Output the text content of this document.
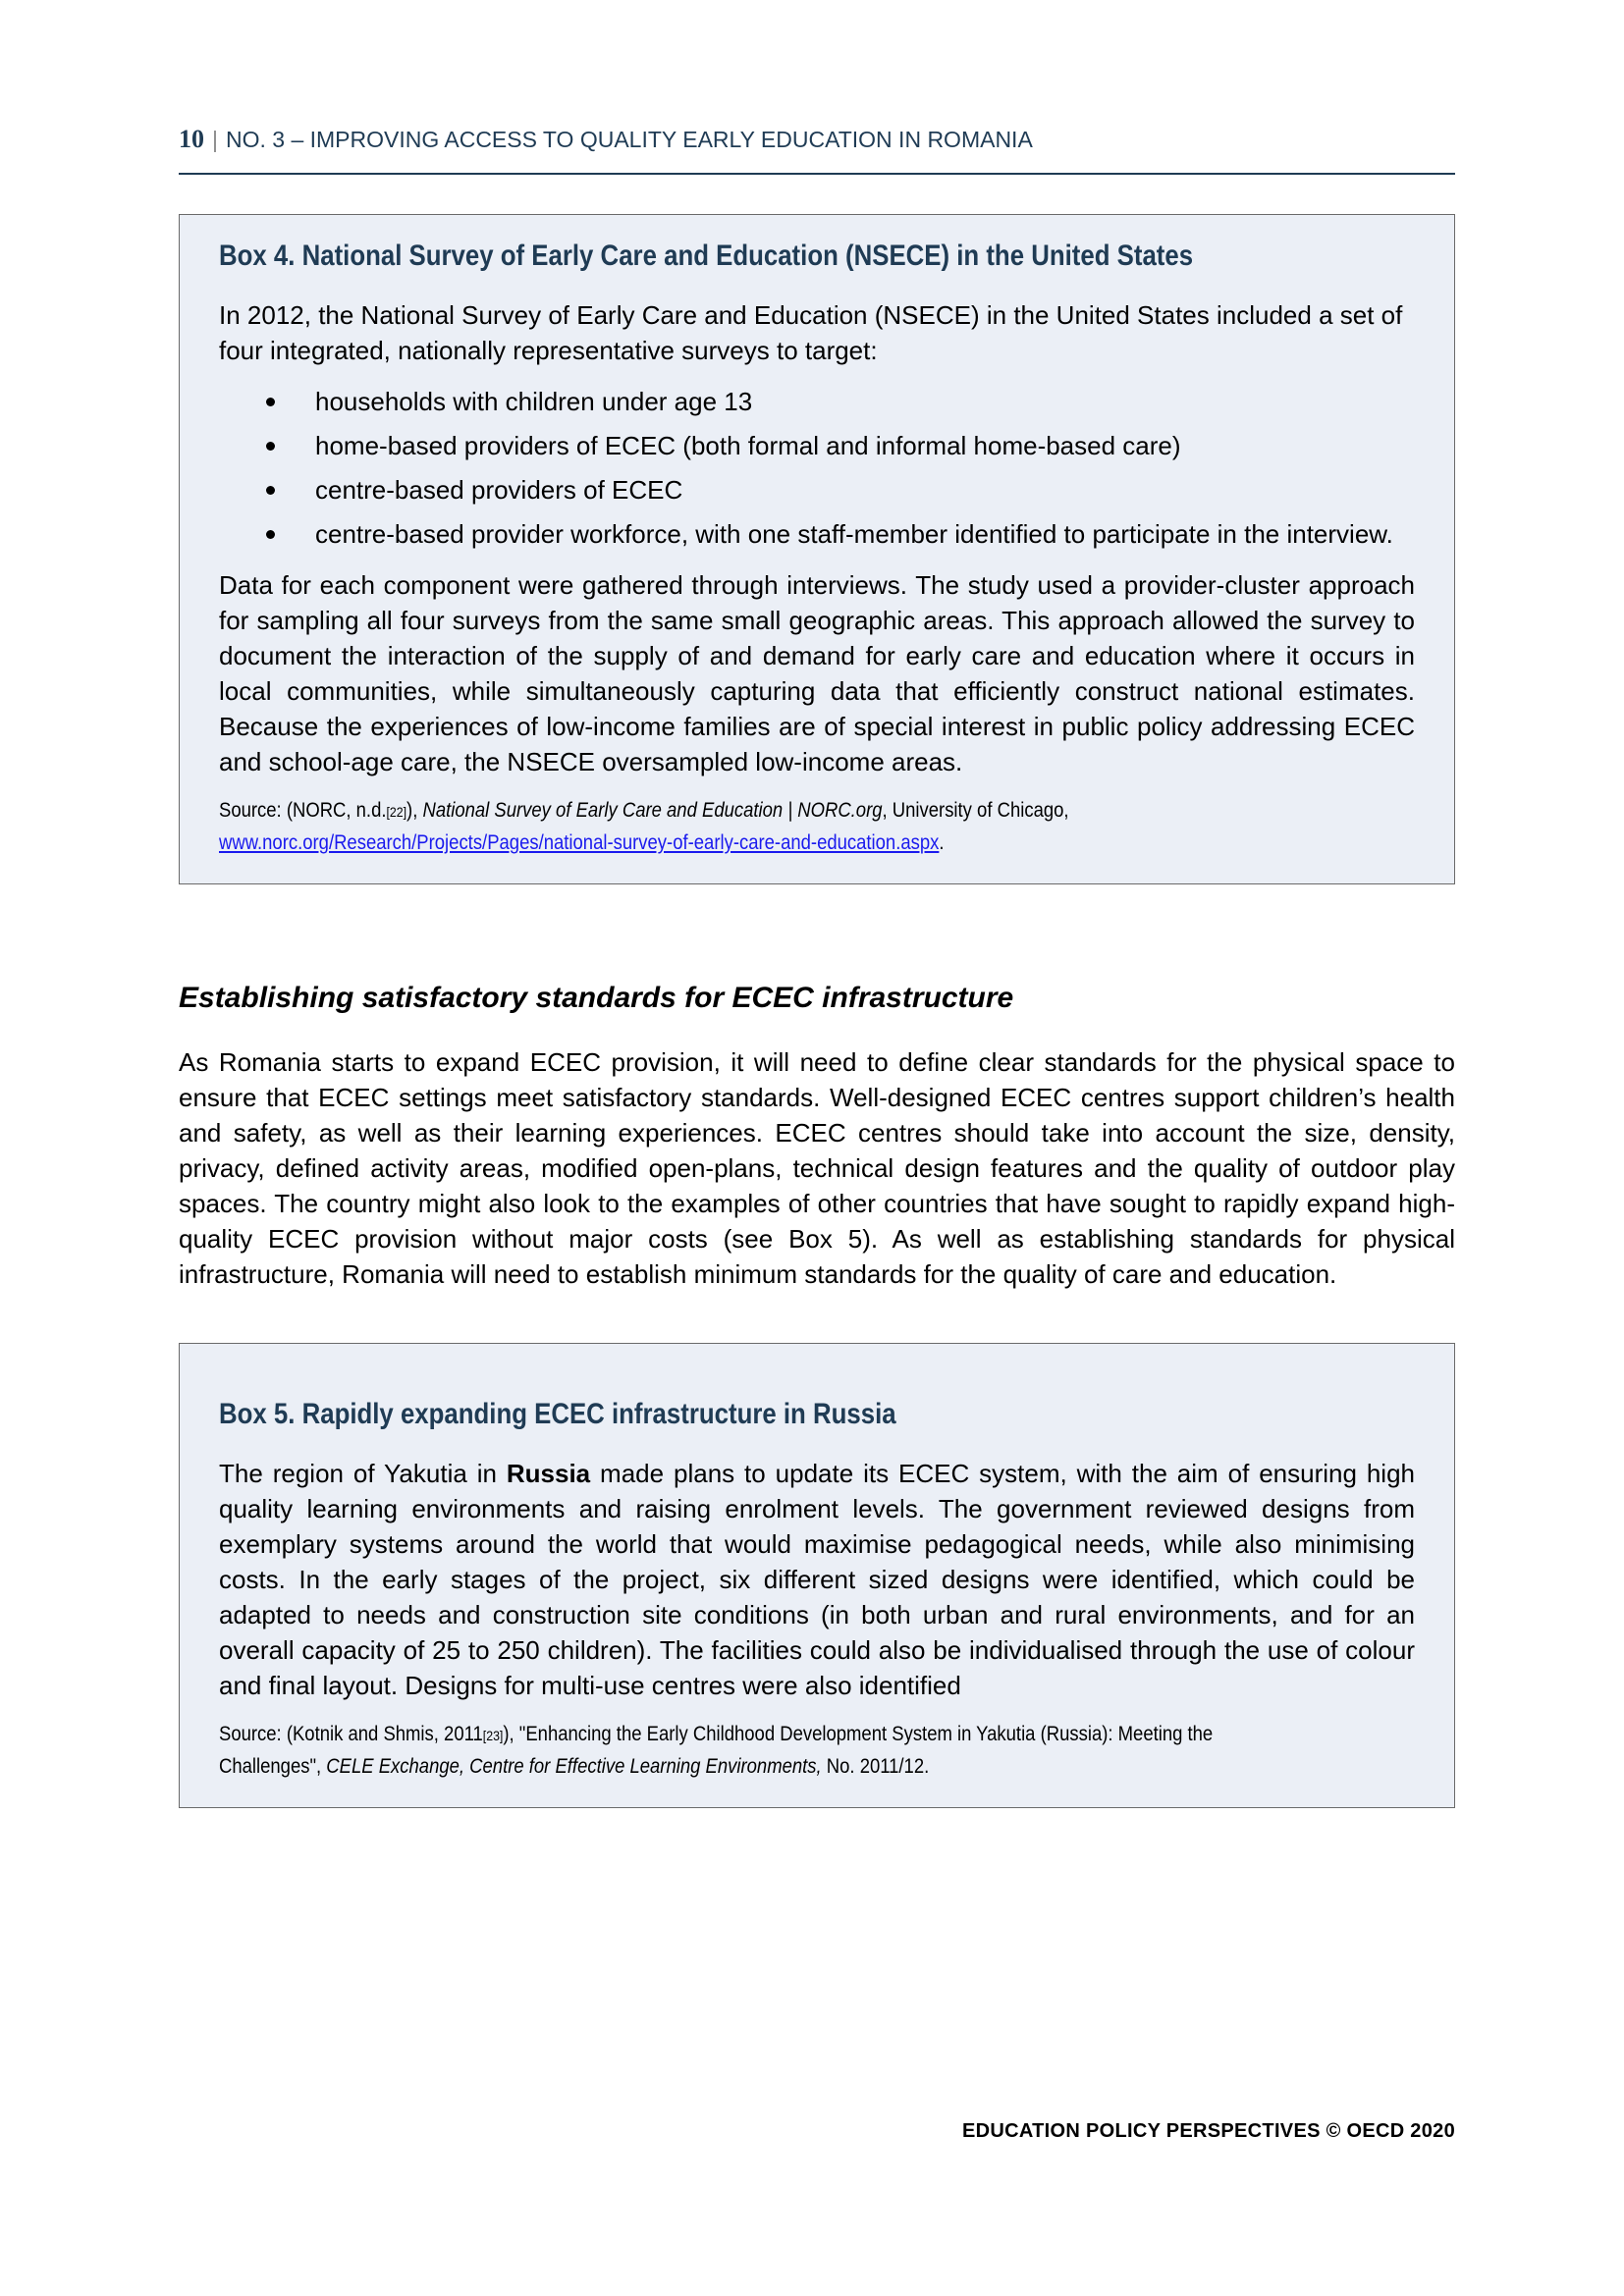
10 | NO. 3 – IMPROVING ACCESS TO QUALITY EARLY EDUCATION IN ROMANIA
Box 4. National Survey of Early Care and Education (NSECE) in the United States

In 2012, the National Survey of Early Care and Education (NSECE) in the United States included a set of four integrated, nationally representative surveys to target:

households with children under age 13
home-based providers of ECEC (both formal and informal home-based care)
centre-based providers of ECEC
centre-based provider workforce, with one staff-member identified to participate in the interview.

Data for each component were gathered through interviews. The study used a provider-cluster approach for sampling all four surveys from the same small geographic areas. This approach allowed the survey to document the interaction of the supply of and demand for early care and education where it occurs in local communities, while simultaneously capturing data that efficiently construct national estimates. Because the experiences of low-income families are of special interest in public policy addressing ECEC and school-age care, the NSECE oversampled low-income areas.

Source: (NORC, n.d.[22]), National Survey of Early Care and Education | NORC.org, University of Chicago,
www.norc.org/Research/Projects/Pages/national-survey-of-early-care-and-education.aspx.
Establishing satisfactory standards for ECEC infrastructure
As Romania starts to expand ECEC provision, it will need to define clear standards for the physical space to ensure that ECEC settings meet satisfactory standards. Well-designed ECEC centres support children’s health and safety, as well as their learning experiences. ECEC centres should take into account the size, density, privacy, defined activity areas, modified open-plans, technical design features and the quality of outdoor play spaces. The country might also look to the examples of other countries that have sought to rapidly expand high-quality ECEC provision without major costs (see Box 5). As well as establishing standards for physical infrastructure, Romania will need to establish minimum standards for the quality of care and education.
Box 5. Rapidly expanding ECEC infrastructure in Russia

The region of Yakutia in Russia made plans to update its ECEC system, with the aim of ensuring high quality learning environments and raising enrolment levels. The government reviewed designs from exemplary systems around the world that would maximise pedagogical needs, while also minimising costs. In the early stages of the project, six different sized designs were identified, which could be adapted to needs and construction site conditions (in both urban and rural environments, and for an overall capacity of 25 to 250 children). The facilities could also be individualised through the use of colour and final layout. Designs for multi-use centres were also identified

Source: (Kotnik and Shmis, 2011[23]), "Enhancing the Early Childhood Development System in Yakutia (Russia): Meeting the Challenges", CELE Exchange, Centre for Effective Learning Environments, No. 2011/12.
EDUCATION POLICY PERSPECTIVES © OECD 2020
